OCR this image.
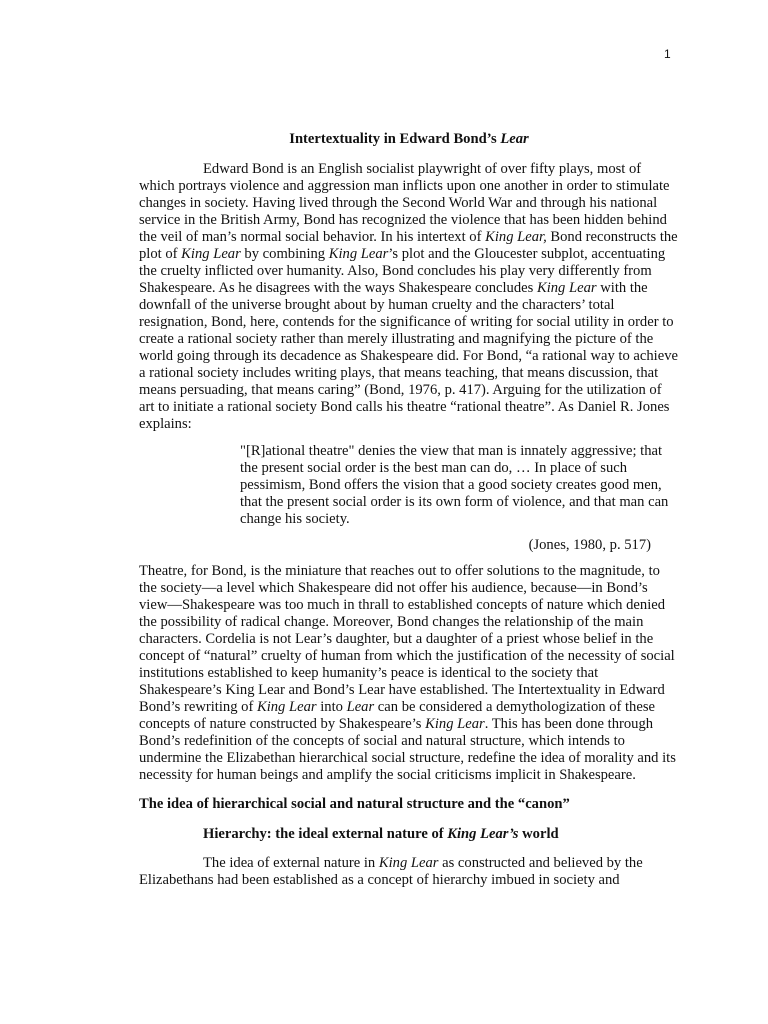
1

Intertextuality in Edward Bond’s Lear

Edward Bond is an English socialist playwright of over fifty plays, most of which portrays violence and aggression man inflicts upon one another in order to stimulate changes in society. Having lived through the Second World War and through his national service in the British Army, Bond has recognized the violence that has been hidden behind the veil of man’s normal social behavior. In his intertext of King Lear, Bond reconstructs the plot of King Lear by combining King Lear’s plot and the Gloucester subplot, accentuating the cruelty inflicted over humanity. Also, Bond concludes his play very differently from Shakespeare. As he disagrees with the ways Shakespeare concludes King Lear with the downfall of the universe brought about by human cruelty and the characters’ total resignation, Bond, here, contends for the significance of writing for social utility in order to create a rational society rather than merely illustrating and magnifying the picture of the world going through its decadence as Shakespeare did. For Bond, “a rational way to achieve a rational society includes writing plays, that means teaching, that means discussion, that means persuading, that means caring” (Bond, 1976, p. 417). Arguing for the utilization of art to initiate a rational society Bond calls his theatre “rational theatre”. As Daniel R. Jones explains:

"[R]ational theatre" denies the view that man is innately aggressive; that the present social order is the best man can do, … In place of such pessimism, Bond offers the vision that a good society creates good men, that the present social order is its own form of violence, and that man can change his society.

(Jones, 1980, p. 517)

Theatre, for Bond, is the miniature that reaches out to offer solutions to the magnitude, to the society—a level which Shakespeare did not offer his audience, because—in Bond’s view—Shakespeare was too much in thrall to established concepts of nature which denied the possibility of radical change. Moreover, Bond changes the relationship of the main characters. Cordelia is not Lear’s daughter, but a daughter of a priest whose belief in the concept of “natural” cruelty of human from which the justification of the necessity of social institutions established to keep humanity’s peace is identical to the society that Shakespeare’s King Lear and Bond’s Lear have established. The Intertextuality in Edward Bond’s rewriting of King Lear into Lear can be considered a demythologization of these concepts of nature constructed by Shakespeare’s King Lear. This has been done through Bond’s redefinition of the concepts of social and natural structure, which intends to undermine the Elizabethan hierarchical social structure, redefine the idea of morality and its necessity for human beings and amplify the social criticisms implicit in Shakespeare.

The idea of hierarchical social and natural structure and the “canon”

Hierarchy: the ideal external nature of King Lear’s world

The idea of external nature in King Lear as constructed and believed by the Elizabethans had been established as a concept of hierarchy imbued in society and
